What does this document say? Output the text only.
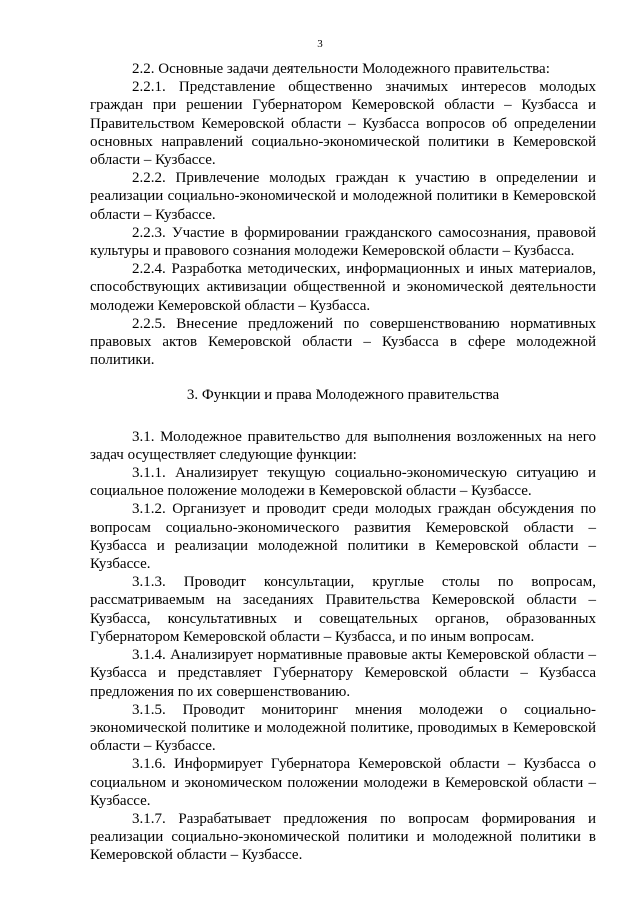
3

2.2. Основные задачи деятельности Молодежного правительства:

2.2.1. Представление общественно значимых интересов молодых граждан при решении Губернатором Кемеровской области – Кузбасса и Правительством Кемеровской области – Кузбасса вопросов об определении основных направлений социально-экономической политики в Кемеровской области – Кузбассе.

2.2.2. Привлечение молодых граждан к участию в определении и реализации социально-экономической и молодежной политики в Кемеровской области – Кузбассе.

2.2.3. Участие в формировании гражданского самосознания, правовой культуры и правового сознания молодежи Кемеровской области – Кузбасса.

2.2.4. Разработка методических, информационных и иных материалов, способствующих активизации общественной и экономической деятельности молодежи Кемеровской области – Кузбасса.

2.2.5. Внесение предложений по совершенствованию нормативных правовых актов Кемеровской области – Кузбасса в сфере молодежной политики.

3. Функции и права Молодежного правительства

3.1. Молодежное правительство для выполнения возложенных на него задач осуществляет следующие функции:

3.1.1. Анализирует текущую социально-экономическую ситуацию и социальное положение молодежи в Кемеровской области – Кузбассе.

3.1.2. Организует и проводит среди молодых граждан обсуждения по вопросам социально-экономического развития Кемеровской области – Кузбасса и реализации молодежной политики в Кемеровской области – Кузбассе.

3.1.3. Проводит консультации, круглые столы по вопросам, рассматриваемым на заседаниях Правительства Кемеровской области – Кузбасса, консультативных и совещательных органов, образованных Губернатором Кемеровской области – Кузбасса, и по иным вопросам.

3.1.4. Анализирует нормативные правовые акты Кемеровской области – Кузбасса и представляет Губернатору Кемеровской области – Кузбасса предложения по их совершенствованию.

3.1.5. Проводит мониторинг мнения молодежи о социально-экономической политике и молодежной политике, проводимых в Кемеровской области – Кузбассе.

3.1.6. Информирует Губернатора Кемеровской области – Кузбасса о социальном и экономическом положении молодежи в Кемеровской области – Кузбассе.

3.1.7. Разрабатывает предложения по вопросам формирования и реализации социально-экономической политики и молодежной политики в Кемеровской области – Кузбассе.
